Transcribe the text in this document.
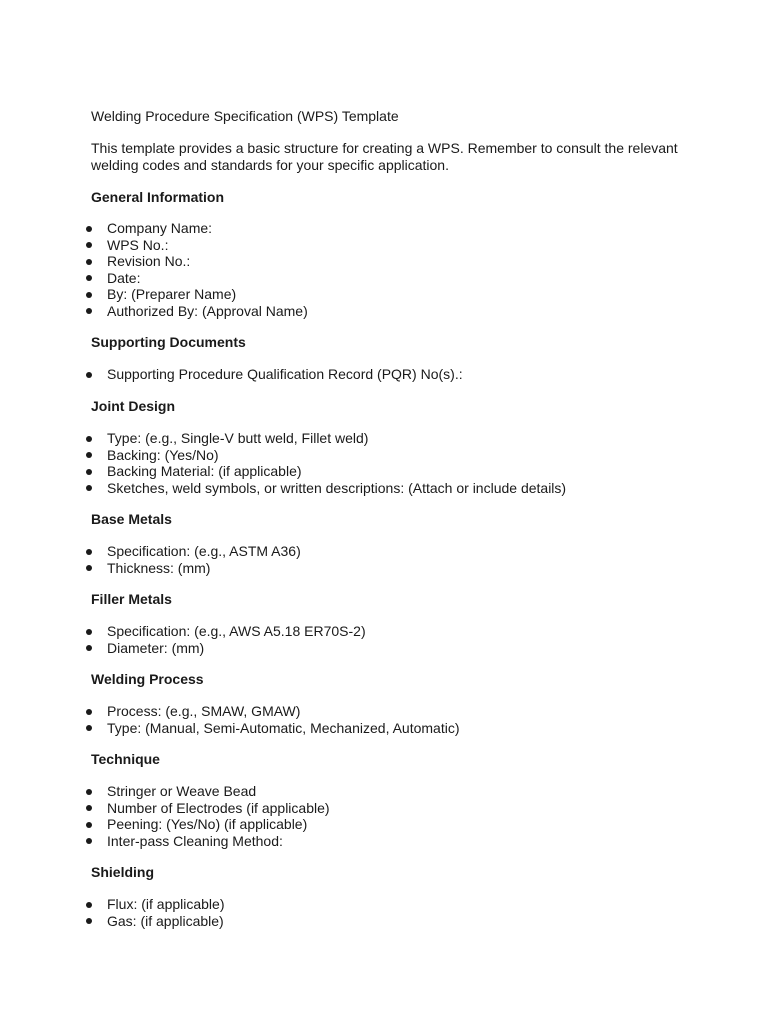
Welding Procedure Specification (WPS) Template

This template provides a basic structure for creating a WPS. Remember to consult the relevant welding codes and standards for your specific application.

General Information
Company Name:
WPS No.:
Revision No.:
Date:
By: (Preparer Name)
Authorized By: (Approval Name)
Supporting Documents
Supporting Procedure Qualification Record (PQR) No(s).:
Joint Design
Type: (e.g., Single-V butt weld, Fillet weld)
Backing: (Yes/No)
Backing Material: (if applicable)
Sketches, weld symbols, or written descriptions: (Attach or include details)
Base Metals
Specification: (e.g., ASTM A36)
Thickness: (mm)
Filler Metals
Specification: (e.g., AWS A5.18 ER70S-2)
Diameter: (mm)
Welding Process
Process: (e.g., SMAW, GMAW)
Type: (Manual, Semi-Automatic, Mechanized, Automatic)
Technique
Stringer or Weave Bead
Number of Electrodes (if applicable)
Peening: (Yes/No) (if applicable)
Inter-pass Cleaning Method:
Shielding
Flux: (if applicable)
Gas: (if applicable)
